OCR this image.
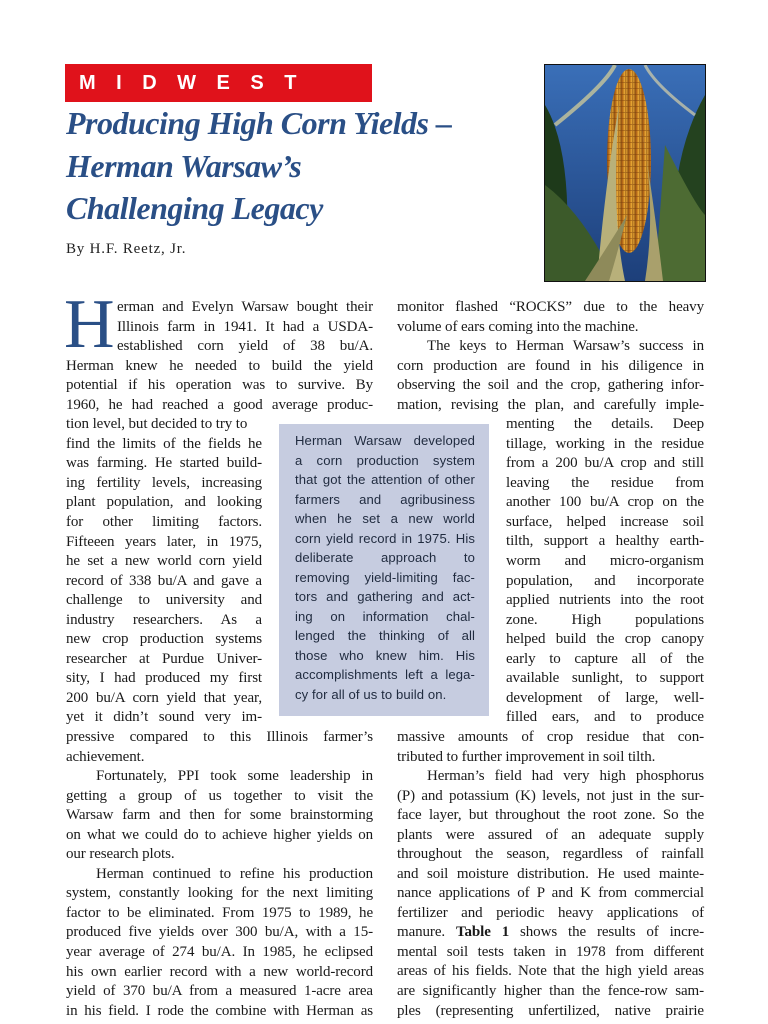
MIDWEST
Producing High Corn Yields –
Herman Warsaw’s
Challenging Legacy
By H.F. Reetz, Jr.
H erman and Evelyn Warsaw bought their
Illinois farm in 1941. It had a USDA-
established corn yield of 38 bu/A.
Herman knew he needed to build the yield
potential if his operation was to survive. By
1960, he had reached a good average produc-
tion level, but decided to try to
find the limits of the fields he
was farming. He started build-
ing fertility levels, increasing
plant population, and looking
for other limiting factors.
Fifteeen years later, in 1975,
he set a new world corn yield
record of 338 bu/A and gave a
challenge to university and
industry researchers. As a
new crop production systems
researcher at Purdue Univer-
sity, I had produced my first
200 bu/A corn yield that year,
yet it didn’t sound very im-
pressive compared to this Illinois farmer’s
achievement.
Fortunately, PPI took some leadership in
getting a group of us together to visit the
Warsaw farm and then for some brainstorming
on what we could do to achieve higher yields on
our research plots.
Herman continued to refine his production
system, constantly looking for the next limiting
factor to be eliminated. From 1975 to 1989, he
produced five yields over 300 bu/A, with a 15-
year average of 274 bu/A. In 1985, he eclipsed
his own earlier record with a new world-record
yield of 370 bu/A from a measured 1-acre area
in his field. I rode the combine with Herman as
Herman Warsaw developed
a corn production system
that got the attention of other
farmers and agribusiness
when he set a new world
corn yield record in 1975. His
deliberate approach to
removing yield-limiting fac-
tors and gathering and act-
ing on information chal-
lenged the thinking of all
those who knew him. His
accomplishments left a lega-
cy for all of us to build on.
monitor flashed “ROCKS” due to the heavy
volume of ears coming into the machine.
The keys to Herman Warsaw’s success in
corn production are found in his diligence in
observing the soil and the crop, gathering infor-
mation, revising the plan, and carefully imple-
menting the details. Deep
tillage, working in the residue
from a 200 bu/A crop and still
leaving the residue from
another 100 bu/A crop on the
surface, helped increase soil
tilth, support a healthy earth-
worm and micro-organism
population, and incorporate
applied nutrients into the root
zone. High populations
helped build the crop canopy
early to capture all of the
available sunlight, to support
development of large, well-
filled ears, and to produce
massive amounts of crop residue that con-
tributed to further improvement in soil tilth.
Herman’s field had very high phosphorus
(P) and potassium (K) levels, not just in the sur-
face layer, but throughout the root zone. So the
plants were assured of an adequate supply
throughout the season, regardless of rainfall
and soil moisture distribution. He used mainte-
nance applications of P and K from commercial
fertilizer and periodic heavy applications of
manure. Table 1 shows the results of incre-
mental soil tests taken in 1978 from different
areas of his fields. Note that the high yield areas
are significantly higher than the fence-row sam-
ples (representing unfertilized, native prairie
